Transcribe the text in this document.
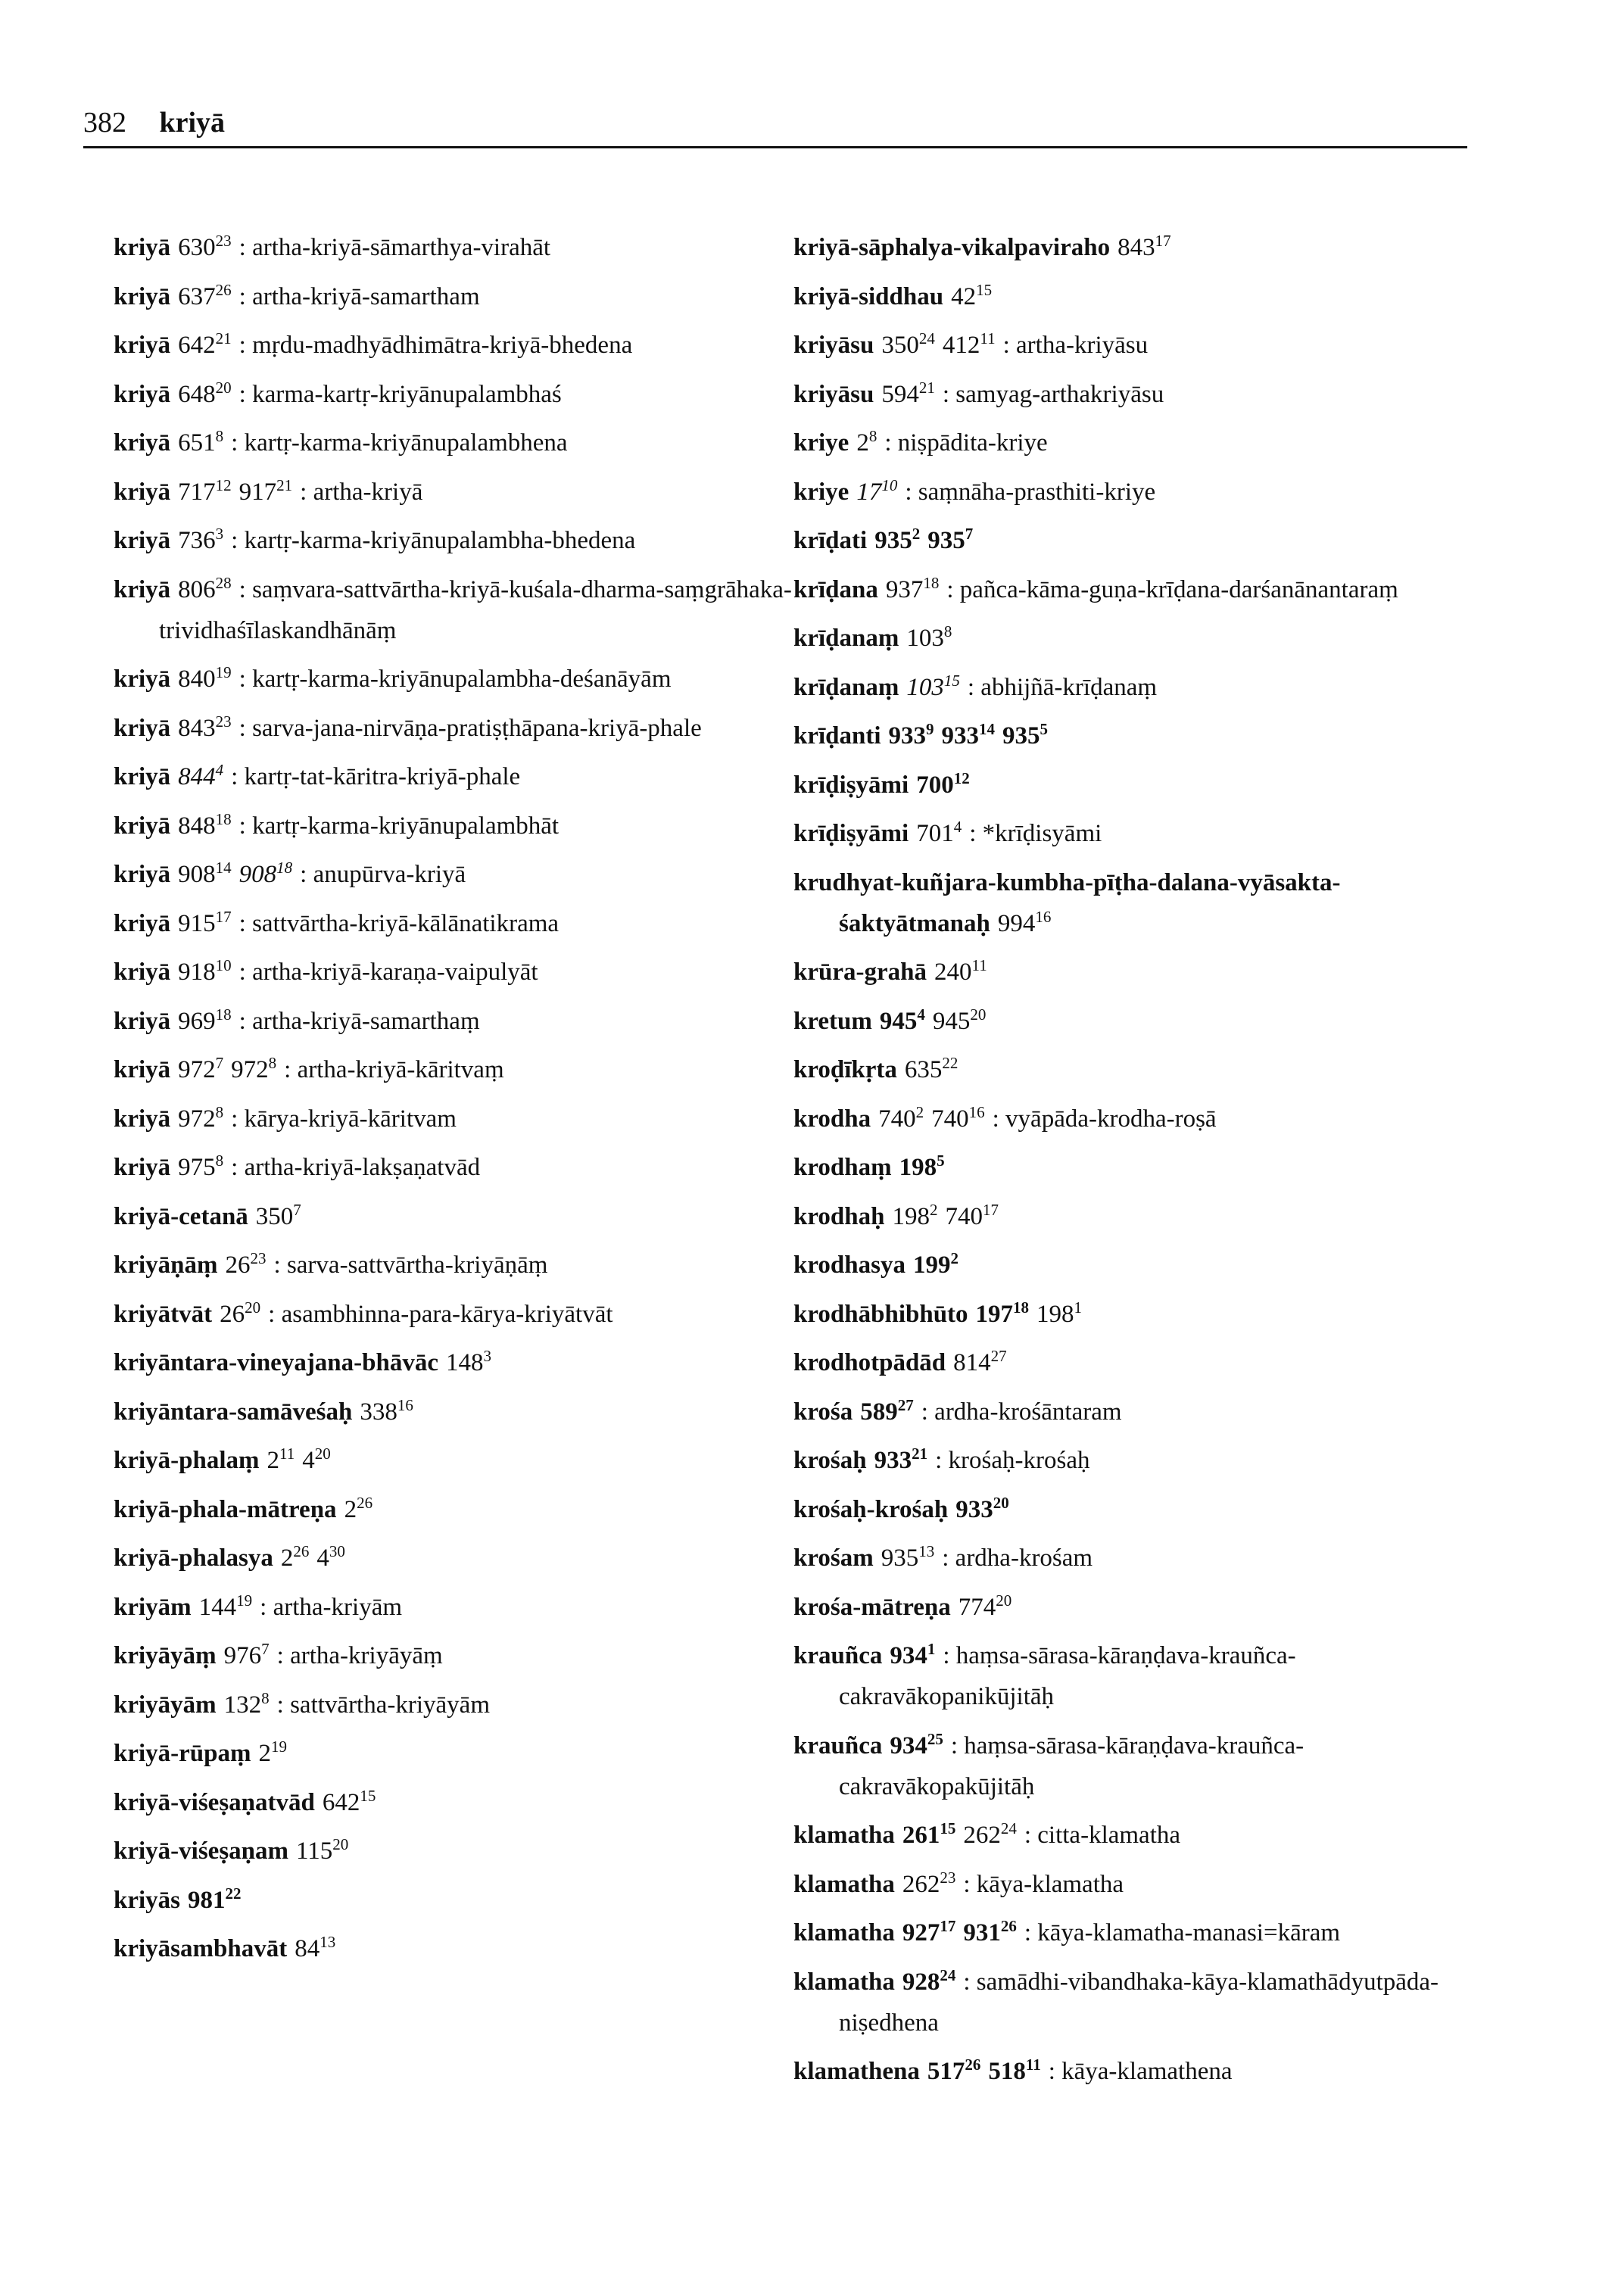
382 kriyā
kriyā $630^{23}$ : artha-kriyā-sāmarthya-virahāt
kriyā $637^{26}$ : artha-kriyā-samartham
kriyā $642^{21}$ : mṛdu-madhyādhimātra-kriyā-bhedena
kriyā $648^{20}$ : karma-kartṛ-kriyānupalambhaś
kriyā $651^8$ : kartṛ-karma-kriyānupalambhena
kriyā $717^{12}$ $917^{21}$ : artha-kriyā
kriyā $736^3$ : kartṛ-karma-kriyānupalambha-bhedena
kriyā $806^{28}$ : saṃvara-sattvārtha-kriyā-kuśala-dharma-saṃgrāhaka-trividhaśīlaskandhānāṃ
kriyā $840^{19}$ : kartṛ-karma-kriyānupalambha-deśanāyām
kriyā $843^{23}$ : sarva-jana-nirvāṇa-pratiṣṭhāpana-kriyā-phale
kriyā $844^4$ : kartṛ-tat-kāritra-kriyā-phale
kriyā $848^{18}$ : kartṛ-karma-kriyānupalambhāt
kriyā $908^{14}$ $908^{18}$ : anupūrva-kriyā
kriyā $915^{17}$ : sattvārtha-kriyā-kālānatikrama
kriyā $918^{10}$ : artha-kriyā-karaṇa-vaipulyāt
kriyā $969^{18}$ : artha-kriyā-samarthaṃ
kriyā $972^7$ $972^8$ : artha-kriyā-kāritvaṃ
kriyā $972^8$ : kārya-kriyā-kāritvam
kriyā $975^8$ : artha-kriyā-lakṣaṇatvād
kriyā-cetanā $350^7$
kriyāṇāṃ $26^{23}$ : sarva-sattvārtha-kriyāṇāṃ
kriyātvāt $26^{20}$ : asambhinna-para-kārya-kriyātvāt
kriyāntara-vineyajana-bhāvāc $148^3$
kriyāntara-samāveśaḥ $338^{16}$
kriyā-phalaṃ $2^{11}$ $4^{20}$
kriyā-phala-mātreṇa $2^{26}$
kriyā-phalasya $2^{26}$ $4^{30}$
kriyām $144^{19}$ : artha-kriyām
kriyāyāṃ $976^7$ : artha-kriyāyāṃ
kriyāyām $132^8$ : sattvārtha-kriyāyām
kriyā-rūpaṃ $2^{19}$
kriyā-viśeṣaṇatvād $642^{15}$
kriyā-viśeṣaṇam $115^{20}$
kriyās $981^{22}$
kriyāsambhavāt $84^{13}$
kriyā-sāphalya-vikalpaviraho $843^{17}$
kriyā-siddhau $42^{15}$
kriyāsu $350^{24}$ $412^{11}$ : artha-kriyāsu
kriyāsu $594^{21}$ : samyag-arthakriyāsu
kriye $2^8$ : niṣpādita-kriye
kriye $17^{10}$ : saṃnāha-prasthiti-kriye
krīḍati $935^2$ $935^7$
krīḍana $937^{18}$ : pañca-kāma-guṇa-krīḍana-darśanānantaraṃ
krīḍanaṃ $103^8$
krīḍanaṃ $103^{15}$ : abhijñā-krīḍanaṃ
krīḍanti $933^9$ $933^{14}$ $935^5$
krīḍiṣyāmi $700^{12}$
krīḍiṣyāmi $701^4$ : *krīḍisyāmi
krudhyat-kuñjara-kumbha-pīṭha-dalana-vyāsakta-śaktyātmanaḥ $994^{16}$
krūra-grahā $240^{11}$
kretum $945^4$ $945^{20}$
kroḍīkṛta $635^{22}$
krodha $740^2$ $740^{16}$ : vyāpāda-krodha-roṣā
krodhaṃ $198^5$
krodhaḥ $198^2$ $740^{17}$
krodhasya $199^2$
krodhābhibhūto $197^{18}$ $198^1$
krodhotpādād $814^{27}$
krośa $589^{27}$ : ardha-krośāntaram
krośaḥ $933^{21}$ : krośaḥ-krośaḥ
krośaḥ-krośaḥ $933^{20}$
krośam $935^{13}$ : ardha-krośam
krośa-mātreṇa $774^{20}$
krauñca $934^1$ : haṃsa-sārasa-kāraṇḍava-krauñca-cakravākopanikūjitāḥ
krauñca $934^{25}$ : haṃsa-sārasa-kāraṇḍava-krauñca-cakravākopakūjitāḥ
klamatha $261^{15}$ $262^{24}$ : citta-klamatha
klamatha $262^{23}$ : kāya-klamatha
klamatha $927^{17}$ $931^{26}$ : kāya-klamatha-manasi=kāram
klamatha $928^{24}$ : samādhi-vibandhaka-kāya-klamathādyutpāda-niṣedhena
klamathena $517^{26}$ $518^{11}$ : kāya-klamathena
